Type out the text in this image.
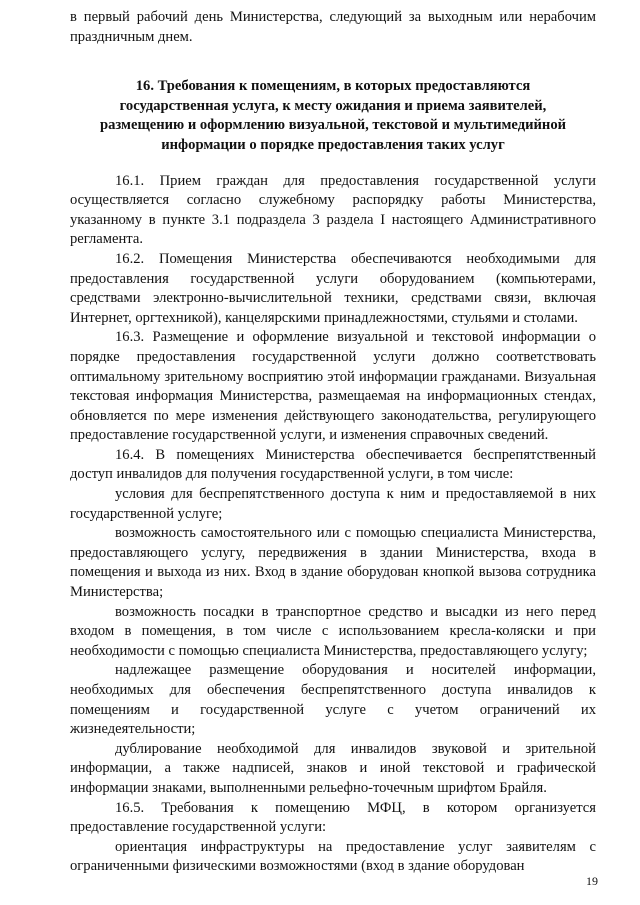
в первый рабочий день Министерства, следующий за выходным или нерабочим праздничным днем.

16. Требования к помещениям, в которых предоставляются государственная услуга, к месту ожидания и приема заявителей, размещению и оформлению визуальной, текстовой и мультимедийной информации о порядке предоставления таких услуг

16.1. Прием граждан для предоставления государственной услуги осуществляется согласно служебному распорядку работы Министерства, указанному в пункте 3.1 подраздела 3 раздела I настоящего Административного регламента.

16.2. Помещения Министерства обеспечиваются необходимыми для предоставления государственной услуги оборудованием (компьютерами, средствами электронно-вычислительной техники, средствами связи, включая Интернет, оргтехникой), канцелярскими принадлежностями, стульями и столами.

16.3. Размещение и оформление визуальной и текстовой информации о порядке предоставления государственной услуги должно соответствовать оптимальному зрительному восприятию этой информации гражданами. Визуальная текстовая информация Министерства, размещаемая на информационных стендах, обновляется по мере изменения действующего законодательства, регулирующего предоставление государственной услуги, и изменения справочных сведений.

16.4. В помещениях Министерства обеспечивается беспрепятственный доступ инвалидов для получения государственной услуги, в том числе:

условия для беспрепятственного доступа к ним и предоставляемой в них государственной услуге;

возможность самостоятельного или с помощью специалиста Министерства, предоставляющего услугу, передвижения в здании Министерства, входа в помещения и выхода из них. Вход в здание оборудован кнопкой вызова сотрудника Министерства;

возможность посадки в транспортное средство и высадки из него перед входом в помещения, в том числе с использованием кресла-коляски и при необходимости с помощью специалиста Министерства, предоставляющего услугу;

надлежащее размещение оборудования и носителей информации, необходимых для обеспечения беспрепятственного доступа инвалидов к помещениям и государственной услуге с учетом ограничений их жизнедеятельности;

дублирование необходимой для инвалидов звуковой и зрительной информации, а также надписей, знаков и иной текстовой и графической информации знаками, выполненными рельефно-точечным шрифтом Брайля.

16.5. Требования к помещению МФЦ, в котором организуется предоставление государственной услуги:

ориентация инфраструктуры на предоставление услуг заявителям с ограниченными физическими возможностями (вход в здание оборудован

19
